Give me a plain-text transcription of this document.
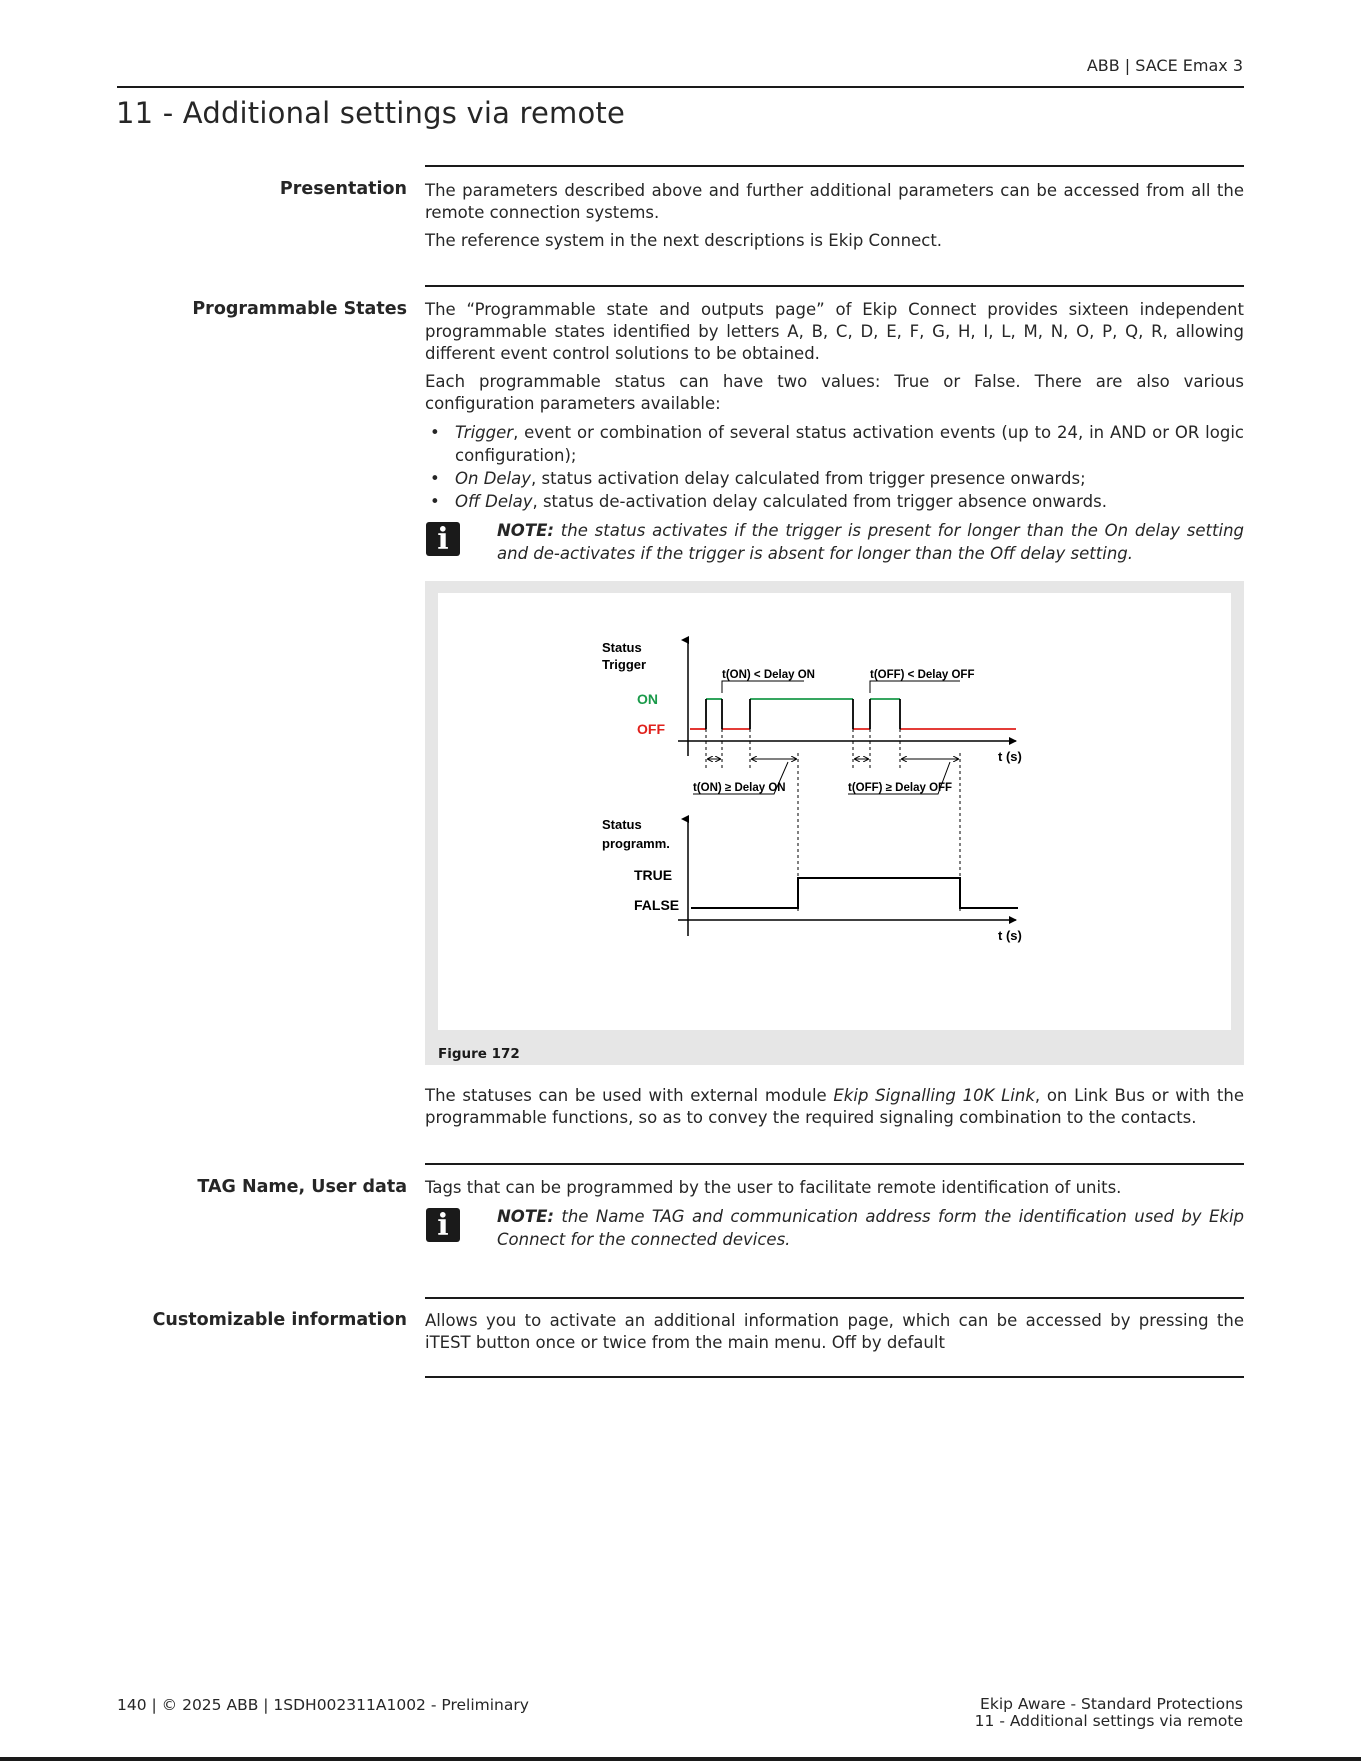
ABB | SACE Emax 3
11 - Additional settings via remote
Presentation The parameters described above and further additional parameters can be accessed from all the remote connection systems.

The reference system in the next descriptions is Ekip Connect.

Programmable States The “Programmable state and outputs page” of Ekip Connect provides sixteen independent programmable states identified by letters A, B, C, D, E, F, G, H, I, L, M, N, O, P, Q, R, allowing different event control solutions to be obtained.

Each programmable status can have two values: True or False. There are also various configuration parameters available:

• Trigger, event or combination of several status activation events (up to 24, in AND or OR logic configuration);
• On Delay, status activation delay calculated from trigger presence onwards;
• Off Delay, status de-activation delay calculated from trigger absence onwards.
i	NOTE: the status activates if the trigger is present for longer than the On delay setting and de-activates if the trigger is absent for longer than the Off delay setting.
Status
Trigger
ON
OFF
t (s)
t(ON) < Delay ON	t(OFF) < Delay OFF
t(ON) ≥ Delay ON	t(OFF) ≥ Delay OFF
Status
programm.
TRUE
FALSE
t (s)
Figure 172

The statuses can be used with external module Ekip Signalling 10K Link, on Link Bus or with the programmable functions, so as to convey the required signaling combination to the contacts.

TAG Name, User data Tags that can be programmed by the user to facilitate remote identification of units.

i	NOTE: the Name TAG and communication address form the identification used by Ekip Connect for the connected devices.
Customizable information Allows you to activate an additional information page, which can be accessed by pressing the iTEST button once or twice from the main menu. Off by default

140 | © 2025 ABB | 1SDH002311A1002 - Preliminary	Ekip Aware - Standard Protections
11 - Additional settings via remote
